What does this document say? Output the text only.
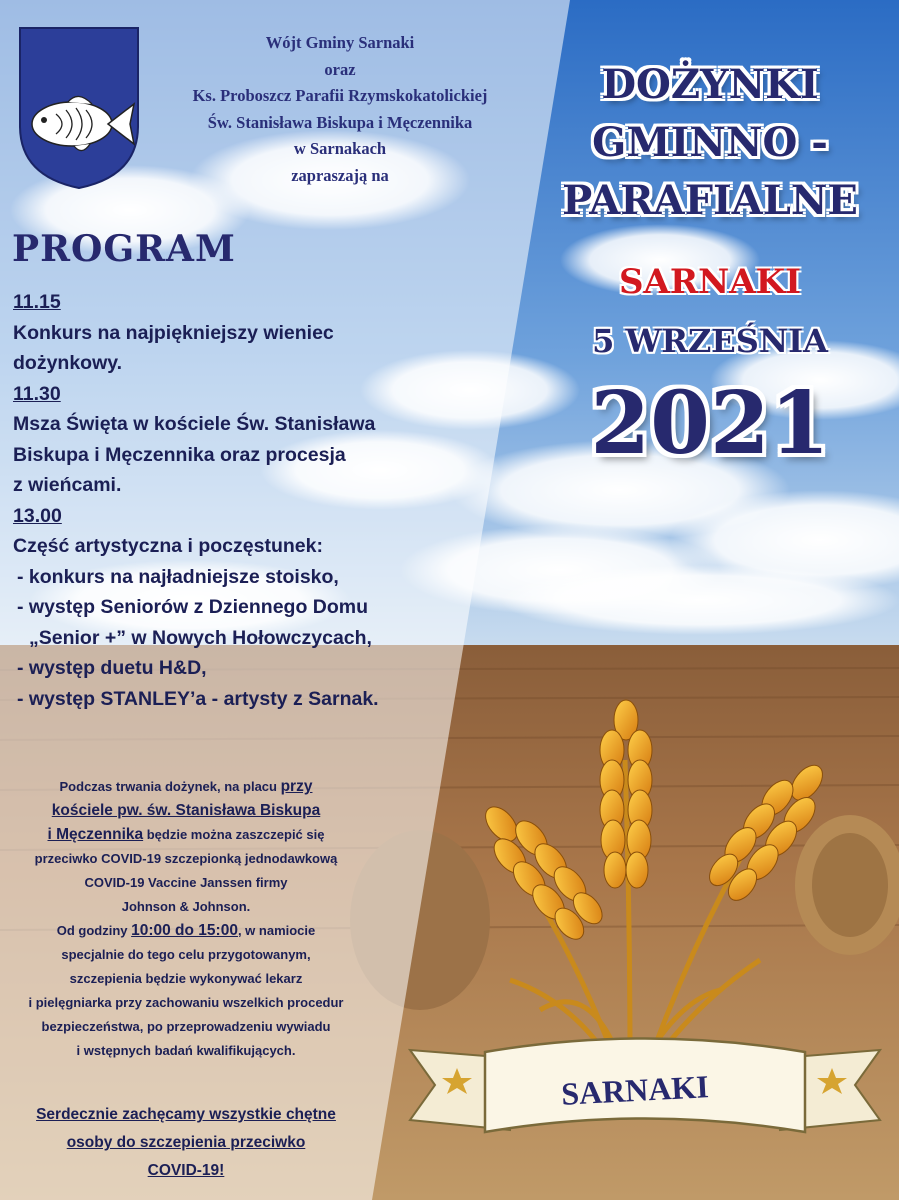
Wójt Gminy Sarnaki
oraz
Ks. Proboszcz Parafii Rzymskokatolickiej
Św. Stanisława Biskupa i Męczennika
w Sarnakach
zapraszają na
PROGRAM
11.15
Konkurs na najpiękniejszy wieniec
dożynkowy.
11.30
Msza Święta w kościele Św. Stanisława
Biskupa i Męczennika oraz procesja
z wieńcami.
13.00
Część artystyczna i poczęstunek:
- konkurs na najładniejsze stoisko,
- występ Seniorów z Dziennego Domu
„Senior +” w Nowych Hołowczycach,
- występ duetu H&D,
- występ STANLEY’a - artysty z Sarnak.
Podczas trwania dożynek, na placu przy
kościele pw. św. Stanisława Biskupa
i Męczennika będzie można zaszczepić się
przeciwko COVID-19 szczepionką jednodawkową
COVID-19 Vaccine Janssen firmy
Johnson & Johnson.
Od godziny 10:00 do 15:00, w namiocie
specjalnie do tego celu przygotowanym,
szczepienia będzie wykonywać lekarz
i pielęgniarka przy zachowaniu wszelkich procedur
bezpieczeństwa, po przeprowadzeniu wywiadu
i wstępnych badań kwalifikujących.
Serdecznie zachęcamy wszystkie chętne
osoby do szczepienia przeciwko
COVID-19!
DOŻYNKI
GMINNO -
PARAFIALNE
SARNAKI
5 WRZEŚNIA
2021
SARNAKI
